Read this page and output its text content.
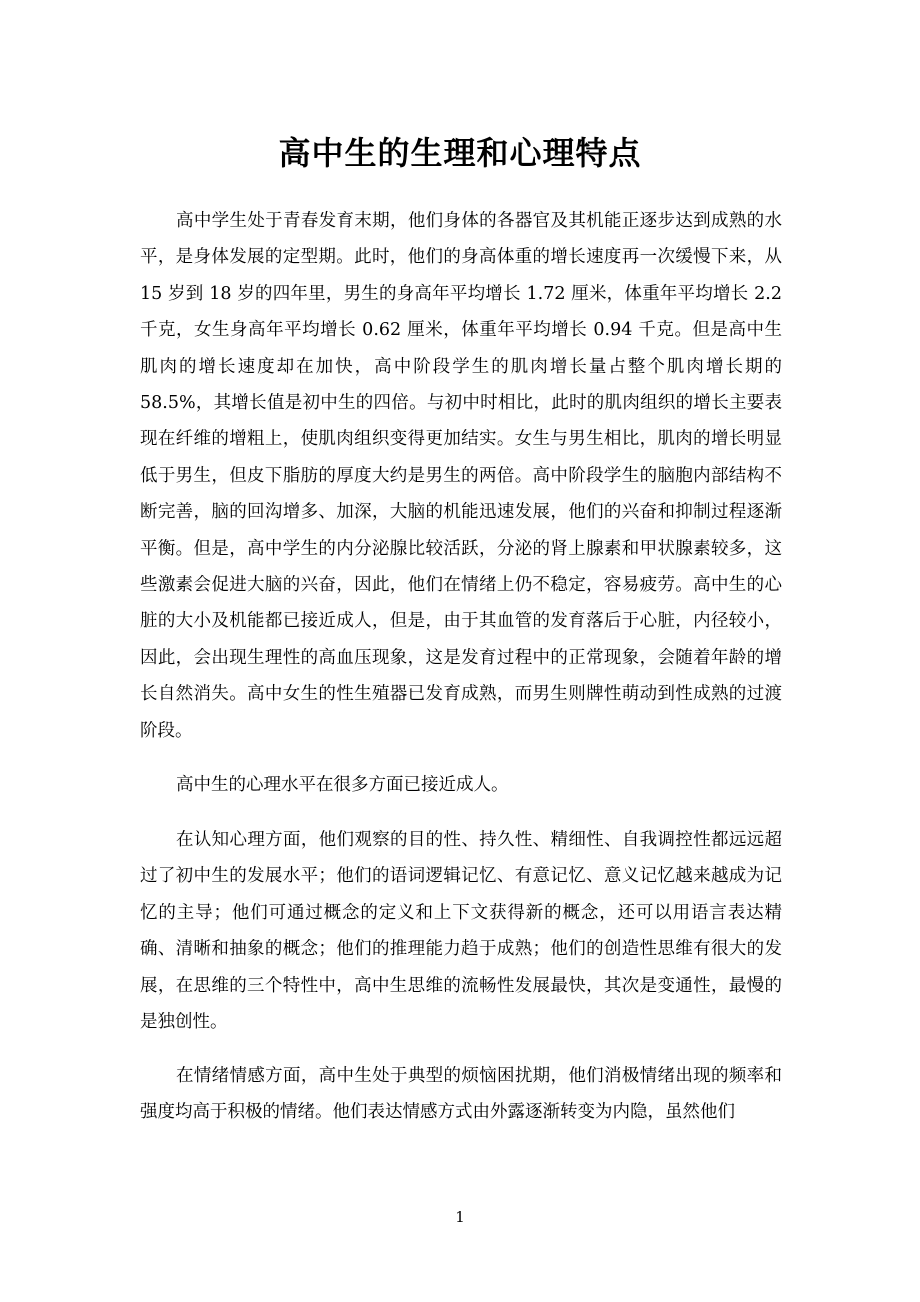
高中生的生理和心理特点

高中学生处于青春发育末期，他们身体的各器官及其机能正逐步达到成熟的水平，是身体发展的定型期。此时，他们的身高体重的增长速度再一次缓慢下来，从 15 岁到 18 岁的四年里，男生的身高年平均增长 1.72 厘米，体重年平均增长 2.2 千克，女生身高年平均增长 0.62 厘米，体重年平均增长 0.94 千克。但是高中生肌肉的增长速度却在加快，高中阶段学生的肌肉增长量占整个肌肉增长期的 58.5%，其增长值是初中生的四倍。与初中时相比，此时的肌肉组织的增长主要表现在纤维的增粗上，使肌肉组织变得更加结实。女生与男生相比，肌肉的增长明显低于男生，但皮下脂肪的厚度大约是男生的两倍。高中阶段学生的脑胞内部结构不断完善，脑的回沟增多、加深，大脑的机能迅速发展，他们的兴奋和抑制过程逐渐平衡。但是，高中学生的内分泌腺比较活跃，分泌的肾上腺素和甲状腺素较多，这些激素会促进大脑的兴奋，因此，他们在情绪上仍不稳定，容易疲劳。高中生的心脏的大小及机能都已接近成人，但是，由于其血管的发育落后于心脏，内径较小，因此，会出现生理性的高血压现象，这是发育过程中的正常现象，会随着年龄的增长自然消失。高中女生的性生殖器已发育成熟，而男生则牌性萌动到性成熟的过渡阶段。

高中生的心理水平在很多方面已接近成人。

在认知心理方面，他们观察的目的性、持久性、精细性、自我调控性都远远超过了初中生的发展水平；他们的语词逻辑记忆、有意记忆、意义记忆越来越成为记忆的主导；他们可通过概念的定义和上下文获得新的概念，还可以用语言表达精确、清晰和抽象的概念；他们的推理能力趋于成熟；他们的创造性思维有很大的发展，在思维的三个特性中，高中生思维的流畅性发展最快，其次是变通性，最慢的是独创性。

在情绪情感方面，高中生处于典型的烦恼困扰期，他们消极情绪出现的频率和强度均高于积极的情绪。他们表达情感方式由外露逐渐转变为内隐，虽然他们

1
